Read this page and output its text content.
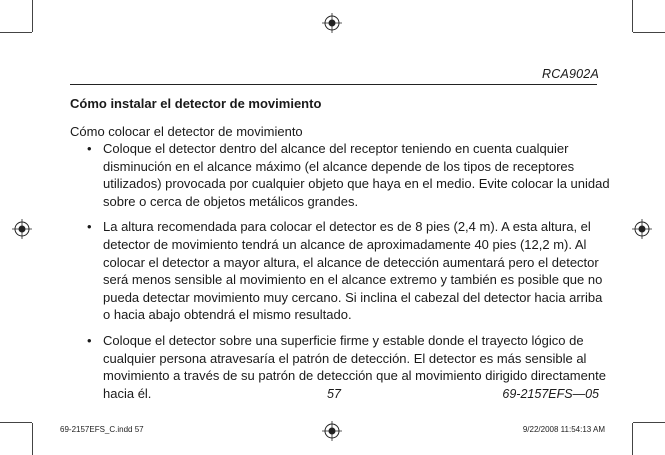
RCA902A
Cómo instalar el detector de movimiento
Cómo colocar el detector de movimiento
• Coloque el detector dentro del alcance del receptor teniendo en cuenta cualquier disminución en el alcance máximo (el alcance depende de los tipos de receptores utilizados) provocada por cualquier objeto que haya en el medio. Evite colocar la unidad sobre o cerca de objetos metálicos grandes.
• La altura recomendada para colocar el detector es de 8 pies (2,4 m). A esta altura, el detector de movimiento tendrá un alcance de aproximadamente 40 pies (12,2 m). Al colocar el detector a mayor altura, el alcance de detección aumentará pero el detector será menos sensible al movimiento en el alcance extremo y también es posible que no pueda detectar movimiento muy cercano. Si inclina el cabezal del detector hacia arriba o hacia abajo obtendrá el mismo resultado.
• Coloque el detector sobre una superficie firme y estable donde el trayecto lógico de cualquier persona atravesaría el patrón de detección. El detector es más sensible al movimiento a través de su patrón de detección que al movimiento dirigido directamente hacia él.	57	69-2157EFS—05
69-2157EFS_C.indd 57	9/22/2008 11:54:13 AM
